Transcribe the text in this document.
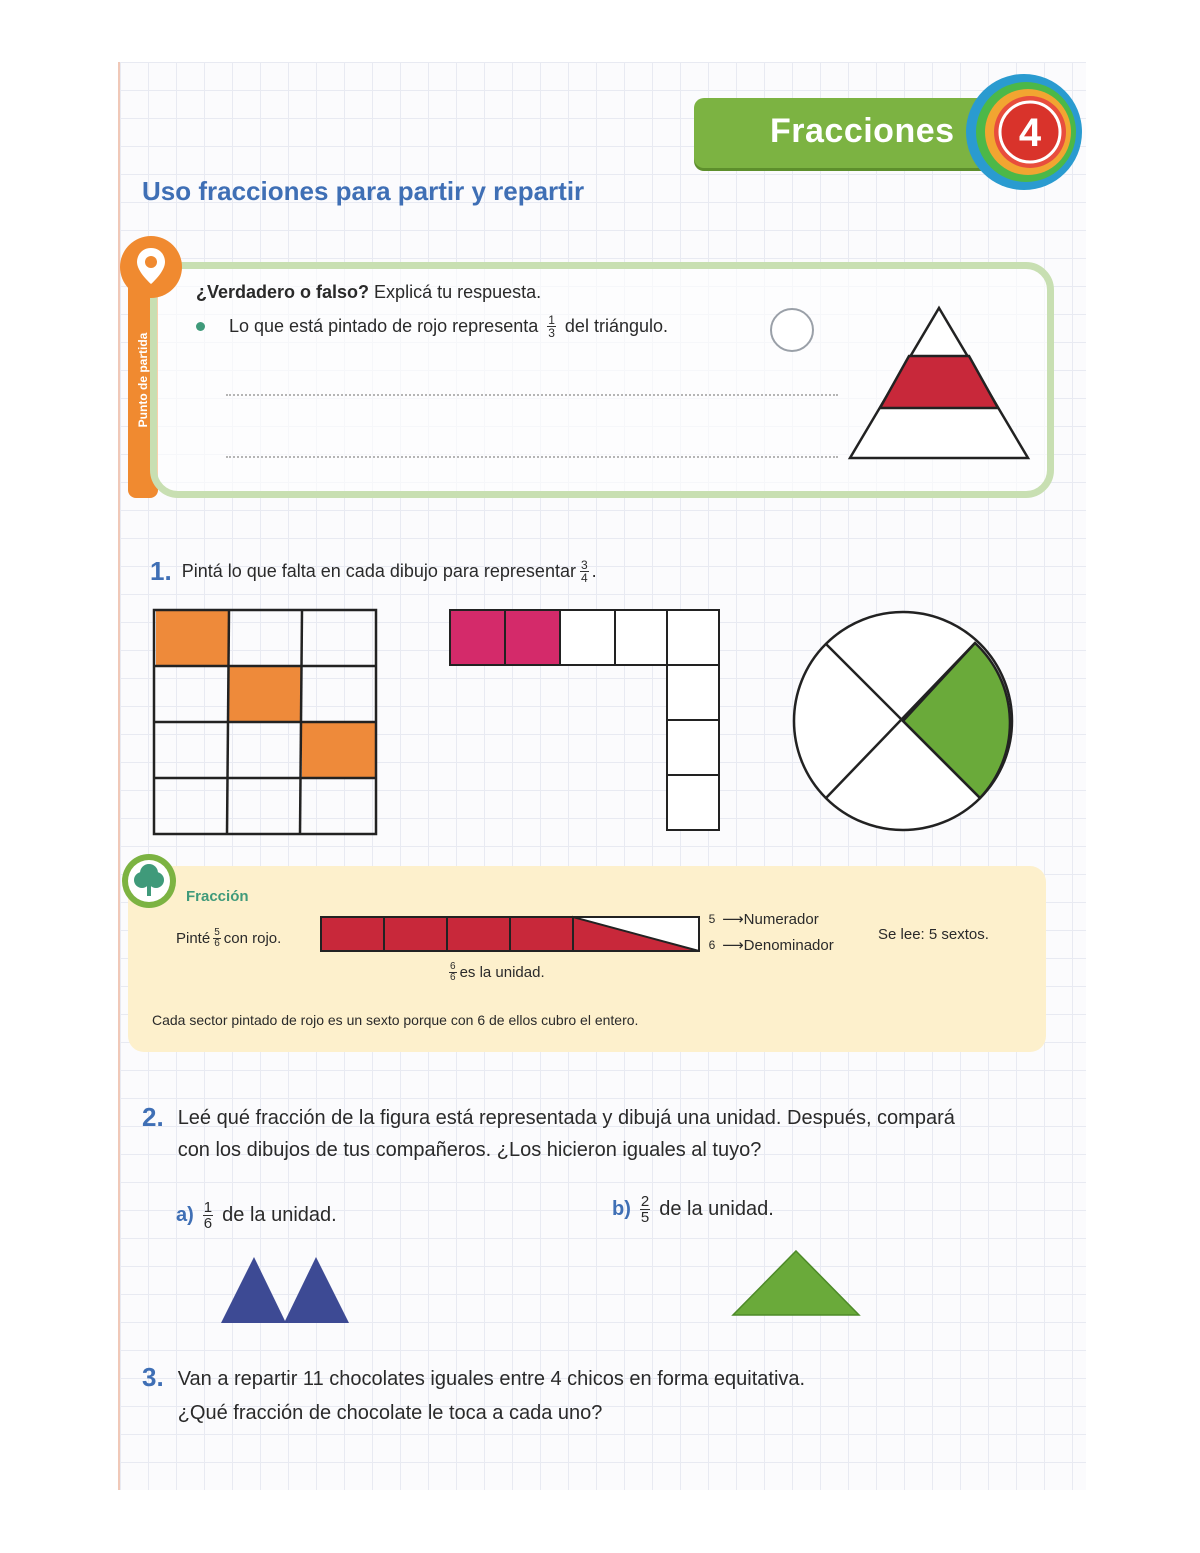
Fracciones 4
Uso fracciones para partir y repartir
Punto de partida
¿Verdadero o falso? Explicá tu respuesta.
Lo que está pintado de rojo representa $\frac{1}{3}$ del triángulo.
1. Pintá lo que falta en cada dibujo para representar $\frac{3}{4}$ .
Fracción
Pinté $\frac{5}{6}$ con rojo.
$\frac{6}{6}$ es la unidad.
5 ⟶ Numerador
6 ⟶ Denominador
Se lee: 5 sextos.
Cada sector pintado de rojo es un sexto porque con 6 de ellos cubro el entero.
2. Leé qué fracción de la figura está representada y dibujá una unidad. Después, compará
con los dibujos de tus compañeros. ¿Los hicieron iguales al tuyo?
$a) \frac{1}{6}$ de la unidad.	$b) \frac{2}{5}$ de la unidad.
3. Van a repartir 11 chocolates iguales entre 4 chicos en forma equitativa.
¿Qué fracción de chocolate le toca a cada uno?
